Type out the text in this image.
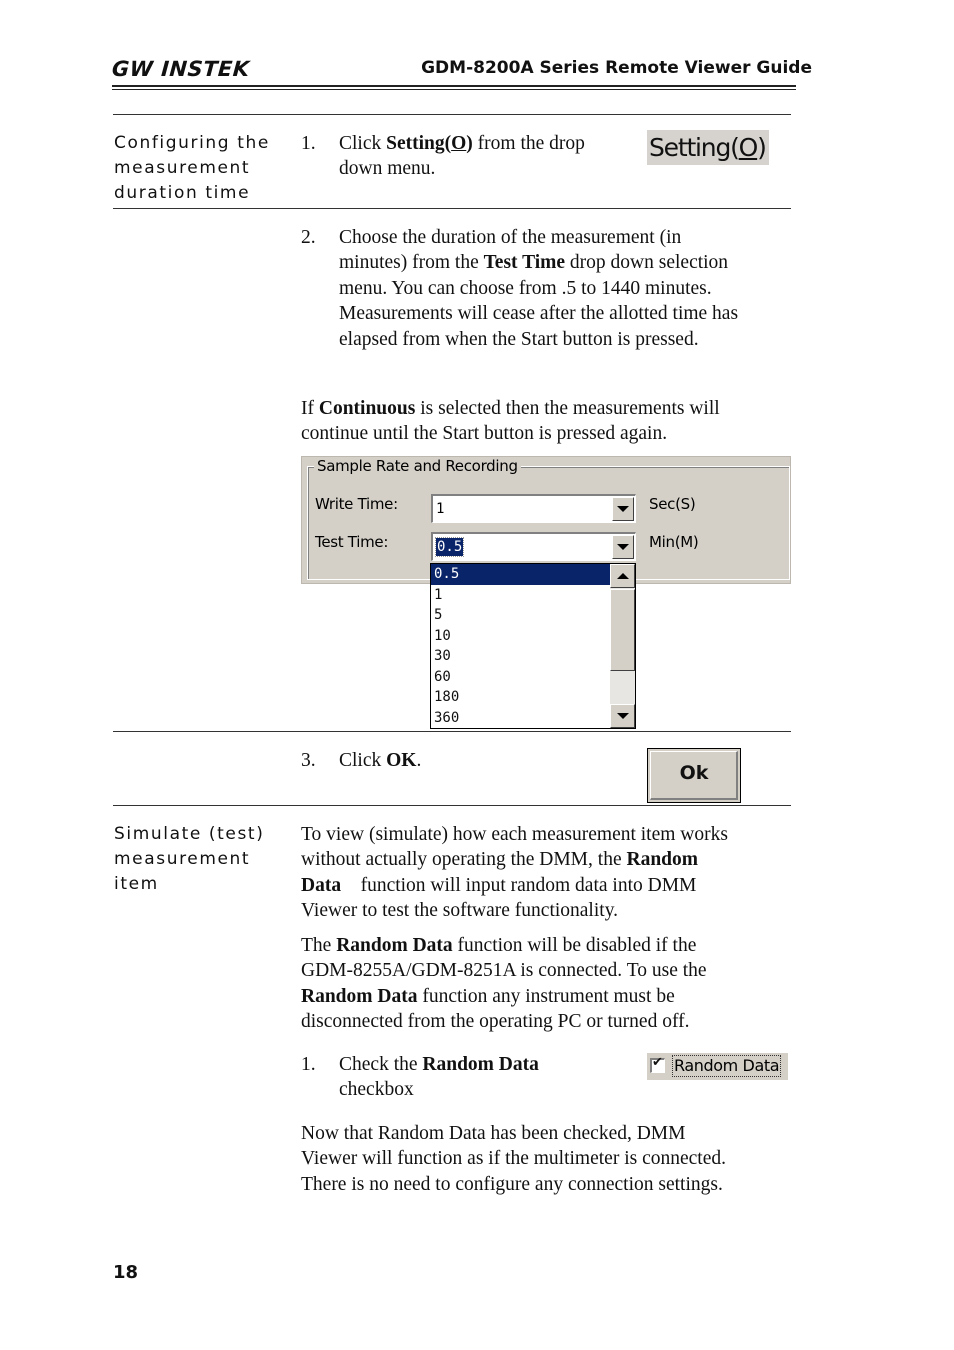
GW INSTEK	GDM-8200A Series Remote Viewer Guide
Configuring the
measurement
duration time
1. Click Setting(O) from the drop
down menu.
Setting(O)
2. Choose the duration of the measurement (in
minutes) from the Test Time drop down selection
menu. You can choose from .5 to 1440 minutes.
Measurements will cease after the allotted time has
elapsed from when the Start button is pressed.
If Continuous is selected then the measurements will
continue until the Start button is pressed again.
Sample Rate and Recording
Write Time:	1	Sec(S)
Test Time:	0.5	Min(M)
0.5
1
5
10
30
60
180
360
3. Click OK.
Ok
Simulate (test)
measurement
item
To view (simulate) how each measurement item works
without actually operating the DMM, the Random
Data    function will input random data into DMM
Viewer to test the software functionality.
The Random Data function will be disabled if the
GDM-8255A/GDM-8251A is connected. To use the
Random Data function any instrument must be
disconnected from the operating PC or turned off.
1. Check the Random Data
checkbox
✔ Random Data
Now that Random Data has been checked, DMM
Viewer will function as if the multimeter is connected.
There is no need to configure any connection settings.
18
